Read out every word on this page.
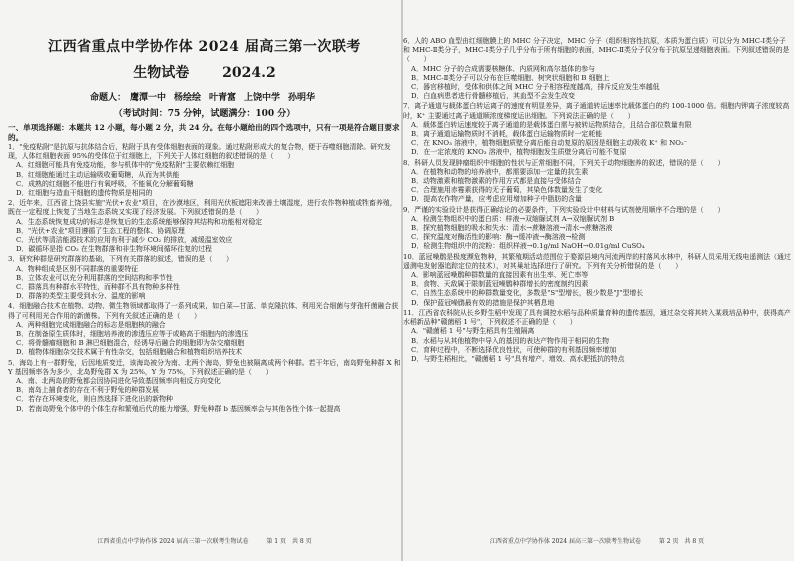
江西省重点中学协作体 2024 届高三第一次联考
生物试卷 2024.2
命题人： 鹰潭一中 杨绘绘 叶青富 上饶中学 孙明华
（考试时间：75 分钟，试题满分：100 分）
一、单项选择题：本题共 12 小题，每小题 2 分，共 24 分。在每小题给出的四个选项中，只有一项是符合题目要求的。
1．"免疫粘附"是抗原与抗体结合后，粘附于具有受体细胞表面的现象。通过粘附形成大的复合物，便于吞噬细胞清除。研究发现，人体红细胞表面 95%的受体位于红细胞上，下列关于人体红细胞的叙述错误的是（　　）
A．红细胞可能具有免疫功能，参与机体中的"免疫粘附"主要依赖红细胞
B．红细胞能通过主动运输吸收葡萄糖，从而为其供能
C．成熟的红细胞不能进行有氧呼吸，不能氧化分解葡萄糖
D．红细胞与造血干细胞的遗传物质是相同的
2．近年来，江西省上饶县实施"光伏+农业"项目，在沙漠地区，利用光伏板遮阳来改善土壤湿度，进行农作物种植或牲畜养殖，既在一定程度上恢复了当地生态系统又实现了经济发展。下列叙述错误的是（　　）
A．生态系统恢复成功的标志是恢复后的生态系统能够保持其结构和功能相对稳定
B．"光伏+农业"项目遵循了生态工程的整体、协调原理
C．光伏等清洁能源技术的应用有利于减少 CO₂ 的排放，减缓温室效应
D．碳循环是指 CO₂ 在生物群落和非生物环境间循环往复的过程
3．研究种群是研究群落的基础，下列有关群落的叙述，错误的是（　　）
A．物种组成是区别不同群落的重要特征
B．立体农业可以充分利用群落的空间结构和季节性
C．群落具有种群水平特性，而种群不具有物种多样性
D．群落的类型主要受到水分、温度的影响
4．细胞融合技术在植物、动物、微生物领域都取得了一系列成果，如白菜—甘蓝、单克隆抗体、利用光合细菌与芽孢杆菌融合获得了可利用光合作用的新菌株。下列有关叙述正确的是（　　）
A．两种细胞完成细胞融合的标志是细胞核的融合
B．在制备原生质体时，细胞培养液的渗透压应等于或略高于细胞内的渗透压
C．将骨髓瘤细胞和 B 淋巴细胞混合，经诱导后融合的细胞即为杂交瘤细胞
D．植物体细胞杂交技术属于有性杂交，包括细胞融合和植物组织培养技术
5．海岛上有一群野兔，后因地质变迁，该海岛被分为南、北两个海岛，野兔也被隔离成两个种群。若干年后，南岛野兔种群 X 和 Y 基因频率各为多少，北岛野兔群 X 为 25%，Y 为 75%，下列叙述正确的是（　　）
A．南、北两岛的野兔都会因协同进化导致基因频率向相反方向变化
B．南岛上捕食者的存在不利于野兔的种群发展
C．若存在环境变化，则自然选择下进化出的新物种
D．若南岛野兔个体中的个体生存和繁殖后代的能力增强，野兔种群 b 基因频率会与其他各性个体一起提高
江西省重点中学协作体 2024 届高三第一次联考生物试卷	第 1 页　共 8 页
6．人的 ABO 血型由红细胞膜上的 MHC 分子决定，MHC 分子（组织相容性抗原，本质为蛋白质）可以分为 MHC-Ⅰ类分子和 MHC-Ⅱ类分子，MHC-Ⅰ类分子几乎分布于所有细胞的表面，MHC-Ⅱ类分子仅分布于抗原呈递细胞表面。下列叙述错误的是（　　）
A．MHC 分子的合成需要核糖体、内质网和高尔基体的参与
B．MHC-Ⅱ类分子可以分布在巨噬细胞、树突状细胞和 B 细胞上
C．器官移植时，受体和供体之间 MHC 分子相容程度越高，排斥反应发生率越低
D．白血病患者进行骨髓移植后，其血型不会发生改变
7．离子通道与载体蛋白转运离子的速度有明显差异，离子通道转运速率比载体蛋白的约 100-1000 倍。细胞内钾离子浓度较高时，K⁺ 主要通过离子通道顺浓度梯度运出细胞。下列说法正确的是（　　）
A．载体蛋白转运速度较于离子通道的是载体蛋白需与被转运物质结合，且结合部位数量有限
B．离子通道运输物质时不消耗，载体蛋白运输物质时一定耗能
C．在 KNO₃ 溶液中，植物细胞质壁分离后能自动复原的原因是细胞主动吸收 K⁺ 和 NO₃⁻
D．在一定浓度的 KNO₃ 溶液中，植物细胞发生质壁分离后可能不复原
8．科研人员发现肿瘤组织中细胞的性状与正常细胞不同，下列关于动物细胞养的叙述，错误的是（　　）
A．在植物和动物的培养液中，都需要添加一定量的抗生素
B．动物激素和植物激素的作用方式都是直接与受体结合
C．合理施用赤霉素获得的无子葡萄，其染色体数量发生了变化
D．提高农作物产量，应考虑应用增加种子中脂肪的含量
9．严谨的实验设计是获得正确结论的必要条件，下列实验设计中材料与试剂使用顺序不合理的是（　　）
A．检测生物组织中的蛋白质：样液→双缩脲试剂 A→双缩脲试剂 B
B．探究植物细胞的吸水和失水：清水→蔗糖溶液→清水→蔗糖溶液
C．探究温度对酶活性的影响：酶→缓冲液→酶溶液→检测
D．检测生物组织中的淀粉：组织样液→0.1g/ml NaOH→0.01g/ml CuSO₄
10．蓝冠噪鹛是极度濒危物种，其繁殖期活动范围位于婺源县境内河流两岸的村落风水林中，科研人员采用无线电遥测法（通过遥测电发射器追踪定位的技术），对其巢址选择进行了研究。下列有关分析错误的是（　　）
A．影响蓝冠噪鹛种群数量的直接因素有出生率、死亡率等
B．食物、天敌属于限制蓝冠噪鹛种群增长的密度制约因素
C．自然生态系统中的种群数量变化，多数是"S"型增长，极少数是"J"型增长
D．保护蓝冠噪鹛最有效的措施是保护其栖息地
11．江西省农科院从长乡野生稻中发现了具有调控水稻与品种质量育种的遗传基因，通过杂交将其转入某栽培品种中，获得高产水稻新品种"赣菌稻 1 号"，下列叙述不正确的是（　　）
A．"赣菌稻 1 号"与野生稻具有生殖隔离
B．水稻与从其他植物中导入的基因的表达产物作用于相同的生物
C．育种过程中，不断选择优良性状，可使种群的有利基因频率增加
D．与野生稻相比，"赣菌稻 1 号"具有增产、增效、高水肥抵抗的特点
江西省重点中学协作体 2024 届高三第一次联考生物试卷	第 2 页　共 8 页
